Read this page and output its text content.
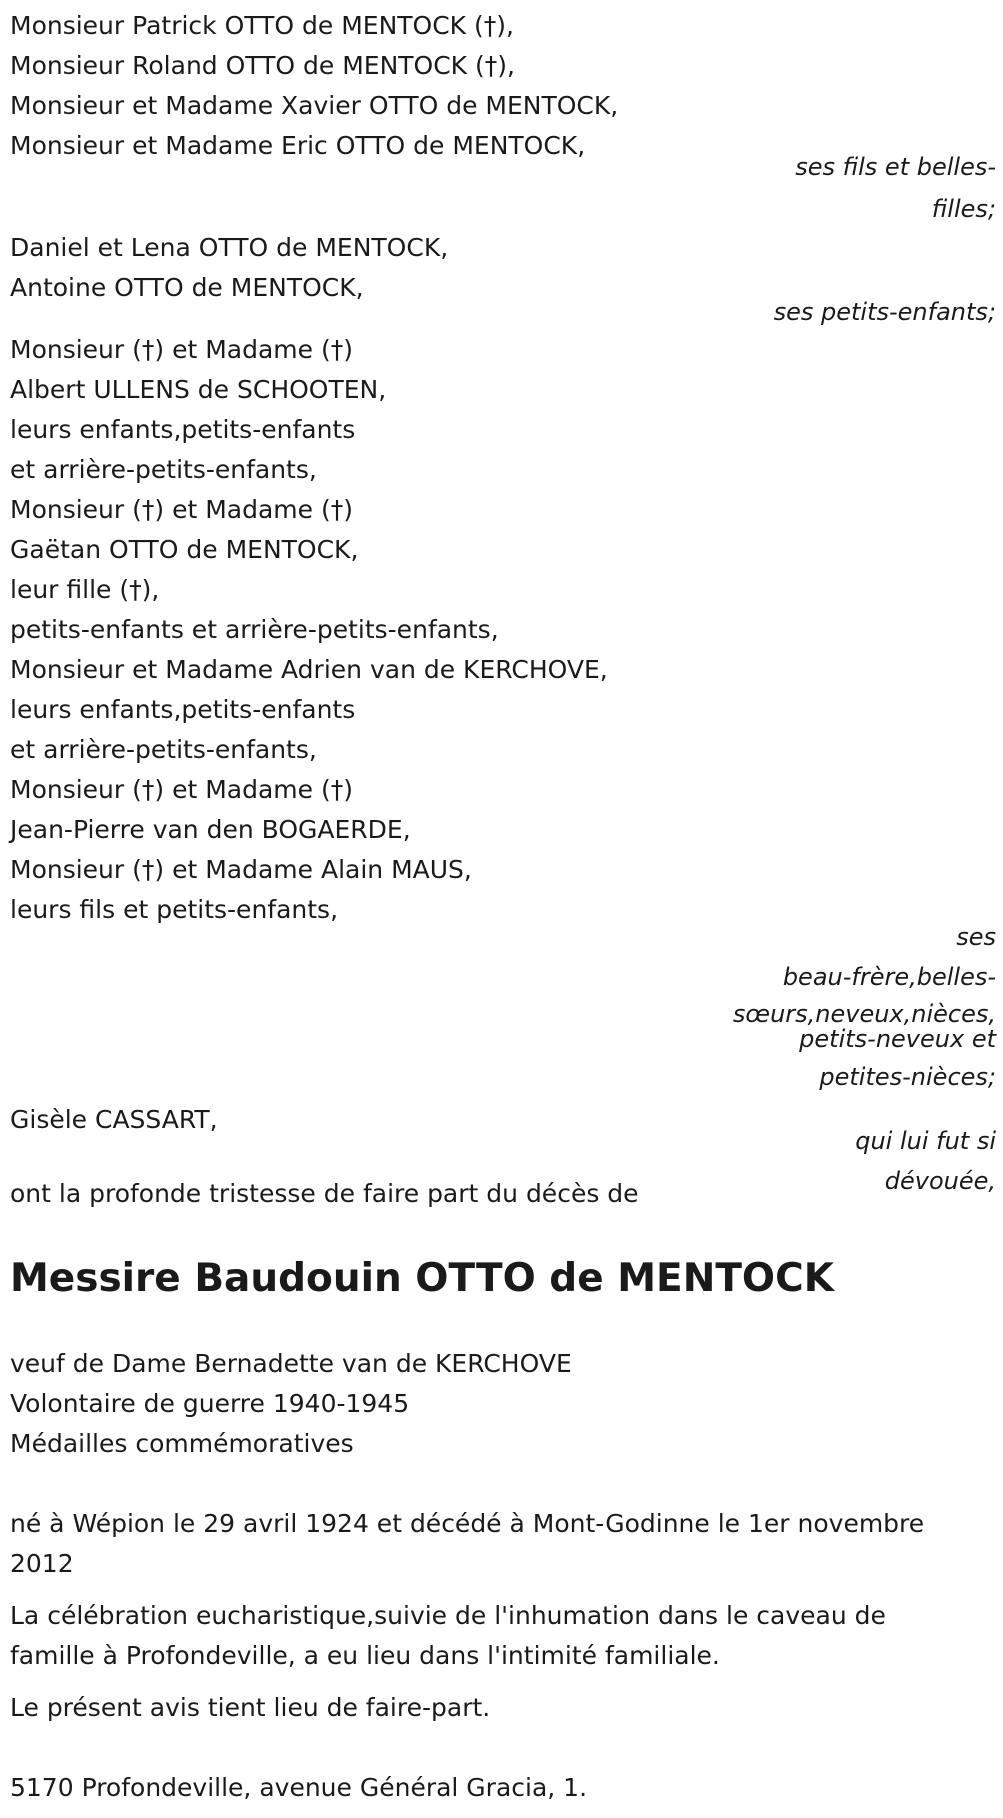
Monsieur Patrick OTTO de MENTOCK (†),
Monsieur Roland OTTO de MENTOCK (†),
Monsieur et Madame Xavier OTTO de MENTOCK,
Monsieur et Madame Eric OTTO de MENTOCK,
ses fils et belles-
filles;
Daniel et Lena OTTO de MENTOCK,
Antoine OTTO de MENTOCK,
ses petits-enfants;
Monsieur (†) et Madame (†)
Albert ULLENS de SCHOOTEN,
leurs enfants,petits-enfants
et arrière-petits-enfants,
Monsieur (†) et Madame (†)
Gaëtan OTTO de MENTOCK,
leur fille (†),
petits-enfants et arrière-petits-enfants,
Monsieur et Madame Adrien van de KERCHOVE,
leurs enfants,petits-enfants
et arrière-petits-enfants,
Monsieur (†) et Madame (†)
Jean-Pierre van den BOGAERDE,
Monsieur (†) et Madame Alain MAUS,
leurs fils et petits-enfants,
ses
beau-frère,belles-
sœurs,neveux,nièces,
petits-neveux et
petites-nièces;
Gisèle CASSART,
qui lui fut si
dévouée,
ont la profonde tristesse de faire part du décès de
Messire Baudouin OTTO de MENTOCK
veuf de Dame Bernadette van de KERCHOVE
Volontaire de guerre 1940-1945
Médailles commémoratives
né à Wépion le 29 avril 1924 et décédé à Mont-Godinne le 1er novembre
2012
La célébration eucharistique,suivie de l'inhumation dans le caveau de
famille à Profondeville, a eu lieu dans l'intimité familiale.
Le présent avis tient lieu de faire-part.
5170 Profondeville, avenue Général Gracia, 1.
